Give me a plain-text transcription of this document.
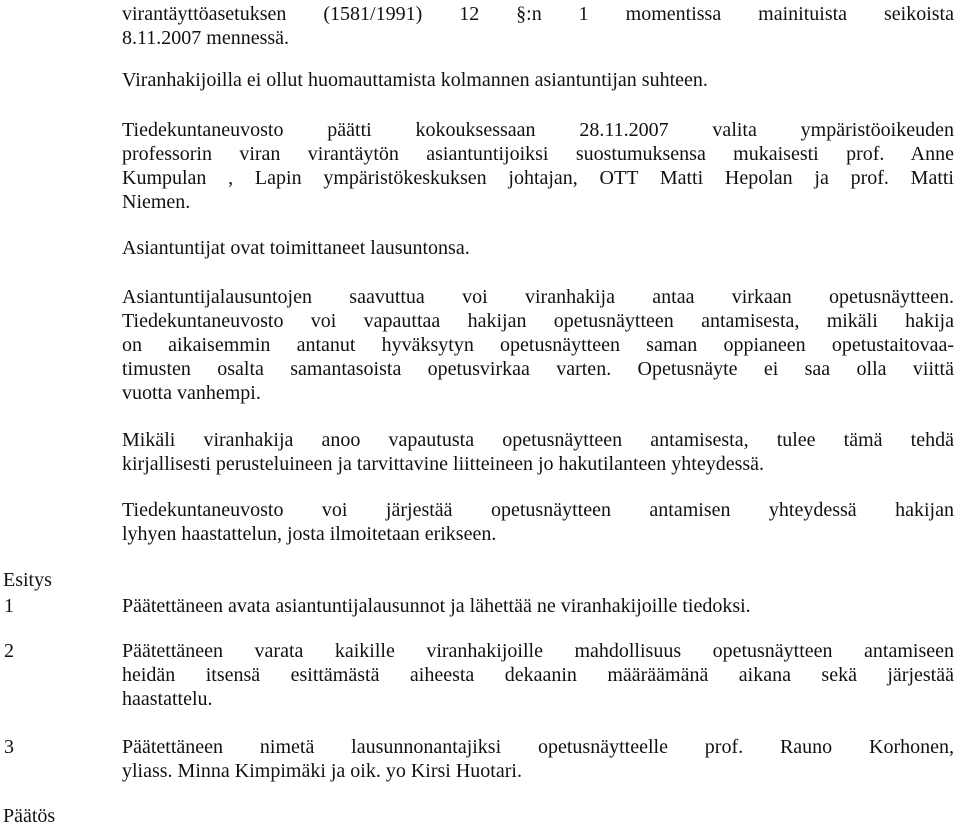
virantäyttöasetuksen (1581/1991) 12 §:n 1 momentissa mainituista seikoista
8.11.2007 mennessä.
Viranhakijoilla ei ollut huomauttamista kolmannen asiantuntijan suhteen.
Tiedekuntaneuvosto päätti kokouksessaan 28.11.2007 valita ympäristöoikeuden
professorin viran virantäytön asiantuntijoiksi suostumuksensa mukaisesti prof. Anne
Kumpulan , Lapin ympäristökeskuksen johtajan, OTT Matti Hepolan ja prof. Matti
Niemen.
Asiantuntijat ovat toimittaneet lausuntonsa.
Asiantuntijalausuntojen saavuttua voi viranhakija antaa virkaan opetusnäytteen.
Tiedekuntaneuvosto voi vapauttaa hakijan opetusnäytteen antamisesta, mikäli hakija
on aikaisemmin antanut hyväksytyn opetusnäytteen saman oppianeen opetustaitovaa-
timusten osalta samantasoista opetusvirkaa varten. Opetusnäyte ei saa olla viittä
vuotta vanhempi.
Mikäli viranhakija anoo vapautusta opetusnäytteen antamisesta, tulee tämä tehdä
kirjallisesti perusteluineen ja tarvittavine liitteineen jo hakutilanteen yhteydessä.
Tiedekuntaneuvosto voi järjestää opetusnäytteen antamisen yhteydessä hakijan
lyhyen haastattelun, josta ilmoitetaan erikseen.
Esitys
1	Päätettäneen avata asiantuntijalausunnot ja lähettää ne viranhakijoille tiedoksi.
2	Päätettäneen varata kaikille viranhakijoille mahdollisuus opetusnäytteen antamiseen
heidän itsensä esittämästä aiheesta dekaanin määräämänä aikana sekä järjestää
haastattelu.
3	Päätettäneen nimetä lausunnonantajiksi opetusnäytteelle prof. Rauno Korhonen,
yliass. Minna Kimpimäki ja oik. yo Kirsi Huotari.
Päätös
